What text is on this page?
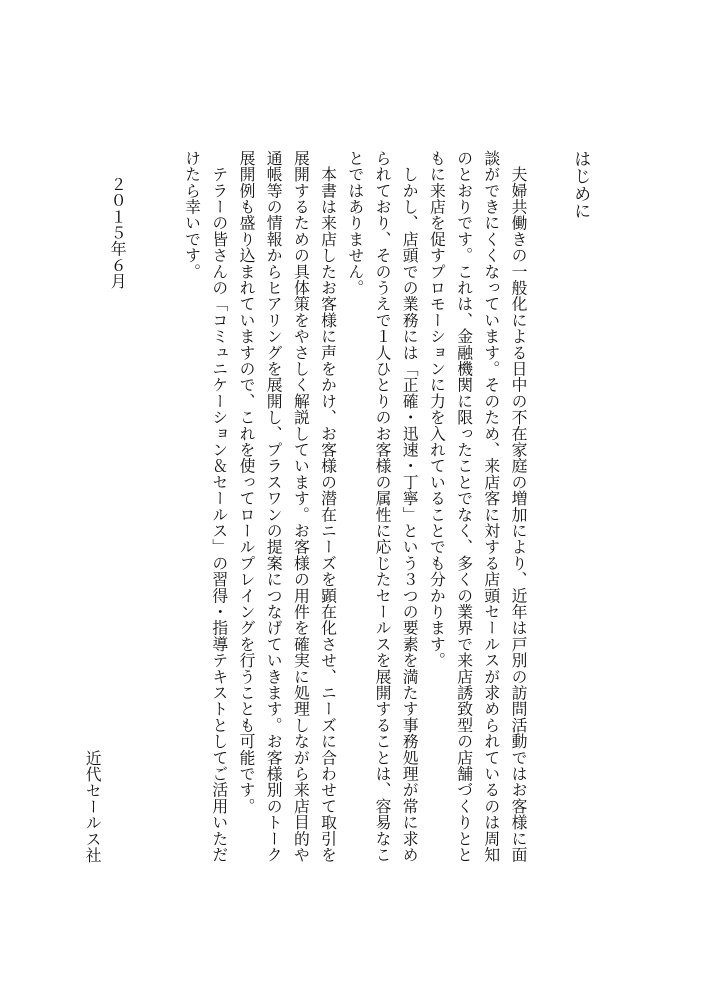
はじめに

　夫婦共働きの一般化による日中の不在家庭の増加により、近年は戸別の訪問活動ではお客様に面
談ができにくくなっています。そのため、来店客に対する店頭セールスが求められているのは周知
のとおりです。これは、金融機関に限ったことでなく、多くの業界で来店誘致型の店舗づくりとと
もに来店を促すプロモーションに力を入れていることでも分かります。

　しかし、店頭での業務には「正確・迅速・丁寧」という３つの要素を満たす事務処理が常に求め
られており、そのうえで１人ひとりのお客様の属性に応じたセールスを展開することは、容易なこ
とではありません。

　本書は来店したお客様に声をかけ、お客様の潜在ニーズを顕在化させ、ニーズに合わせて取引を
展開するための具体策をやさしく解説しています。お客様の用件を確実に処理しながら来店目的や
通帳等の情報からヒアリングを展開し、プラスワンの提案につなげていきます。お客様別のトーク
展開例も盛り込まれていますので、これを使ってロールプレイングを行うことも可能です。

　テラーの皆さんの「コミュニケーション＆セールス」の習得・指導テキストとしてご活用いただ
けたら幸いです。

２０１５年６月
近代セールス社
